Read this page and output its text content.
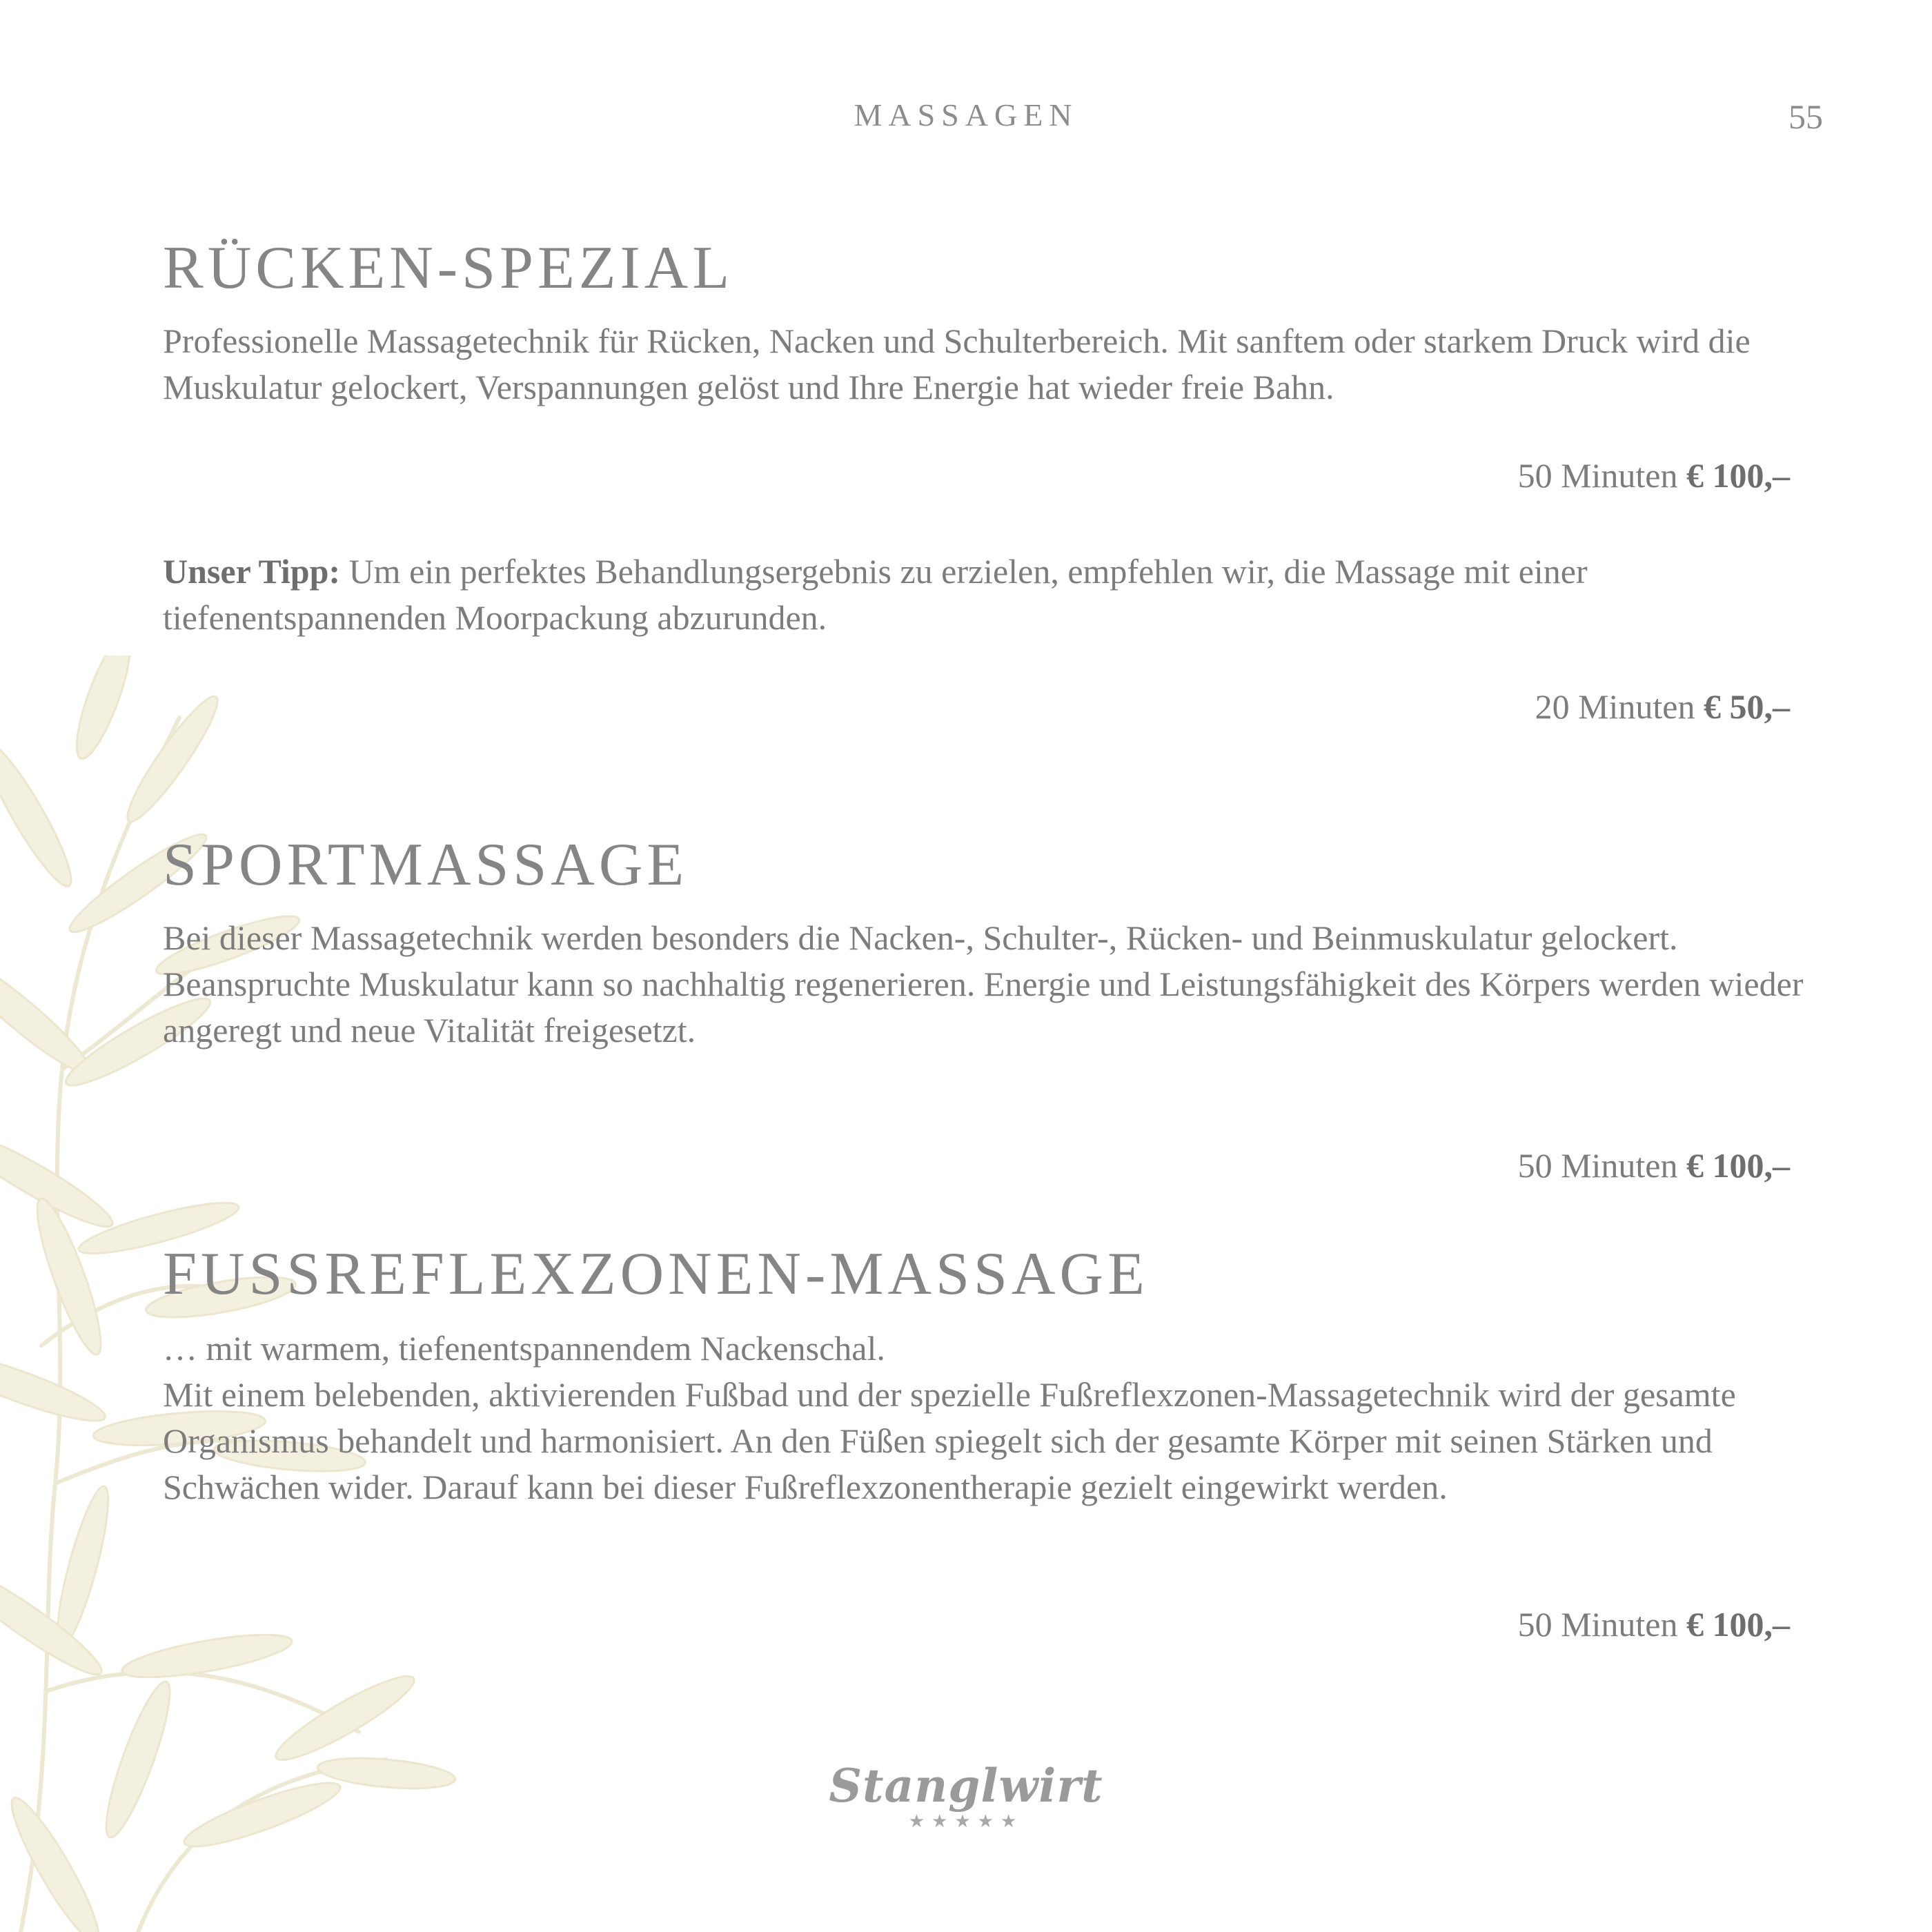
MASSAGEN	55
RÜCKEN-SPEZIAL

Professionelle Massagetechnik für Rücken, Nacken und Schulterbereich. Mit sanftem oder starkem Druck wird die Muskulatur gelockert, Verspannungen gelöst und Ihre Energie hat wieder freie Bahn.

50 Minuten € 100,–

Unser Tipp: Um ein perfektes Behandlungsergebnis zu erzielen, empfehlen wir, die Massage mit einer tiefenentspannenden Moorpackung abzurunden.

20 Minuten € 50,–
SPORTMASSAGE

Bei dieser Massagetechnik werden besonders die Nacken-, Schulter-, Rücken- und Beinmuskulatur gelockert. Beanspruchte Muskulatur kann so nachhaltig regenerieren. Energie und Leistungsfähigkeit des Körpers werden wieder angeregt und neue Vitalität freigesetzt.

50 Minuten € 100,–
FUSSREFLEXZONEN-MASSAGE

… mit warmem, tiefenentspannendem Nackenschal.

Mit einem belebenden, aktivierenden Fußbad und der spezielle Fußreflexzonen-Massagetechnik wird der gesamte Organismus behandelt und harmonisiert. An den Füßen spiegelt sich der gesamte Körper mit seinen Stärken und Schwächen wider. Darauf kann bei dieser Fußreflexzonentherapie gezielt eingewirkt werden.

50 Minuten € 100,–
Stanglwirt
★★★★★
